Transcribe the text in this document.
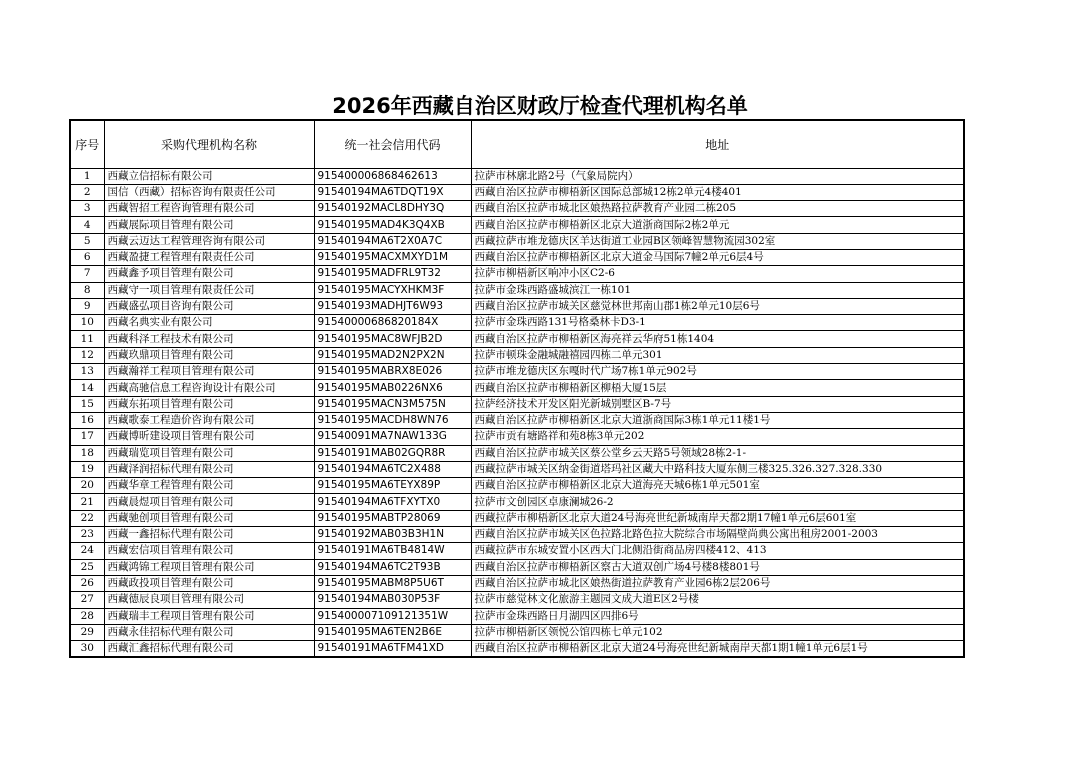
2026年西藏自治区财政厅检查代理机构名单
序号	采购代理机构名称	统一社会信用代码	地址
1	西藏立信招标有限公司	915400006868462613	拉萨市林廓北路2号（气象局院内）
2	国信（西藏）招标咨询有限责任公司	91540194MA6TDQT19X	西藏自治区拉萨市柳梧新区国际总部城12栋2单元4楼401
3	西藏智招工程咨询管理有限公司	91540192MACL8DHY3Q	西藏自治区拉萨市城北区娘热路拉萨教育产业园二栋205
4	西藏展际项目管理有限公司	91540195MAD4K3Q4XB	西藏自治区拉萨市柳梧新区北京大道浙商国际2栋2单元
5	西藏云迈达工程管理咨询有限公司	91540194MA6T2X0A7C	西藏拉萨市堆龙德庆区羊达街道工业园B区领峰智慧物流园302室
6	西藏盈捷工程管理有限责任公司	91540195MACXMXYD1M	西藏自治区拉萨市柳梧新区北京大道金马国际7幢2单元6层4号
7	西藏鑫予项目管理有限公司	91540195MADFRL9T32	拉萨市柳梧新区响冲小区C2-6
8	西藏守一项目管理有限责任公司	91540195MACYXHKM3F	拉萨市金珠西路盛城滨江一栋101
9	西藏盛弘项目咨询有限公司	91540193MADHJT6W93	西藏自治区拉萨市城关区慈觉林世邦南山郡1栋2单元10层6号
10	西藏名典实业有限公司	91540000686820184X	拉萨市金珠西路131号格桑林卡D3-1
11	西藏科泽工程技术有限公司	91540195MAC8WFJB2D	西藏自治区拉萨市柳梧新区海亮祥云华府51栋1404
12	西藏玖鼎项目管理有限公司	91540195MAD2N2PX2N	拉萨市顿珠金融城融禧园四栋二单元301
13	西藏瀚祥工程项目管理有限公司	91540195MABRX8E026	拉萨市堆龙德庆区东嘎时代广场7栋1单元902号
14	西藏高驰信息工程咨询设计有限公司	91540195MAB0226NX6	西藏自治区拉萨市柳梧新区柳梧大厦15层
15	西藏东拓项目管理有限公司	91540195MACN3M575N	拉萨经济技术开发区阳光新城别墅区B-7号
16	西藏歌泰工程造价咨询有限公司	91540195MACDH8WN76	西藏自治区拉萨市柳梧新区北京大道浙商国际3栋1单元11楼1号
17	西藏博昕建设项目管理有限公司	91540091MA7NAW133G	拉萨市贡有塘路祥和苑8栋3单元202
18	西藏瑞览项目管理有限公司	91540191MAB02GQR8R	西藏自治区拉萨市城关区蔡公堂乡云天路5号领域28栋2-1-
19	西藏泽润招标代理有限公司	91540194MA6TC2X488	西藏拉萨市城关区纳金街道塔玛社区藏大中路科技大厦东侧三楼325.326.327.328.330
20	西藏华章工程管理有限公司	91540195MA6TEYX89P	西藏自治区拉萨市柳梧新区北京大道海亮天城6栋1单元501室
21	西藏晨煜项目管理有限公司	91540194MA6TFXYTX0	拉萨市文创园区卓康澜城26-2
22	西藏驰创项目管理有限公司	91540195MABTP28069	西藏拉萨市柳梧新区北京大道24号海亮世纪新城南岸天都2期17幢1单元6层601室
23	西藏一鑫招标代理有限公司	91540192MAB03B3H1N	西藏自治区拉萨市城关区色拉路北路色拉大院综合市场隔壁尚典公寓出租房2001-2003
24	西藏宏信项目管理有限公司	91540191MA6TB4814W	西藏拉萨市东城安置小区西大门北侧沿街商品房四楼412、413
25	西藏鸿锦工程项目管理有限公司	91540194MA6TC2T93B	西藏自治区拉萨市柳梧新区察古大道双创广场4号楼8楼801号
26	西藏政投项目管理有限公司	91540195MABM8P5U6T	西藏自治区拉萨市城北区娘热街道拉萨教育产业园6栋2层206号
27	西藏德辰良项目管理有限公司	91540194MAB030P53F	拉萨市慈觉林文化旅游主题园文成大道E区2号楼
28	西藏瑞丰工程项目管理有限公司	915400007109121351W	拉萨市金珠西路日月湖四区四排6号
29	西藏永佳招标代理有限公司	91540195MA6TEN2B6E	拉萨市柳梧新区领悦公馆四栋七单元102
30	西藏汇鑫招标代理有限公司	91540191MA6TFM41XD	西藏自治区拉萨市柳梧新区北京大道24号海亮世纪新城南岸天都1期1幢1单元6层1号
